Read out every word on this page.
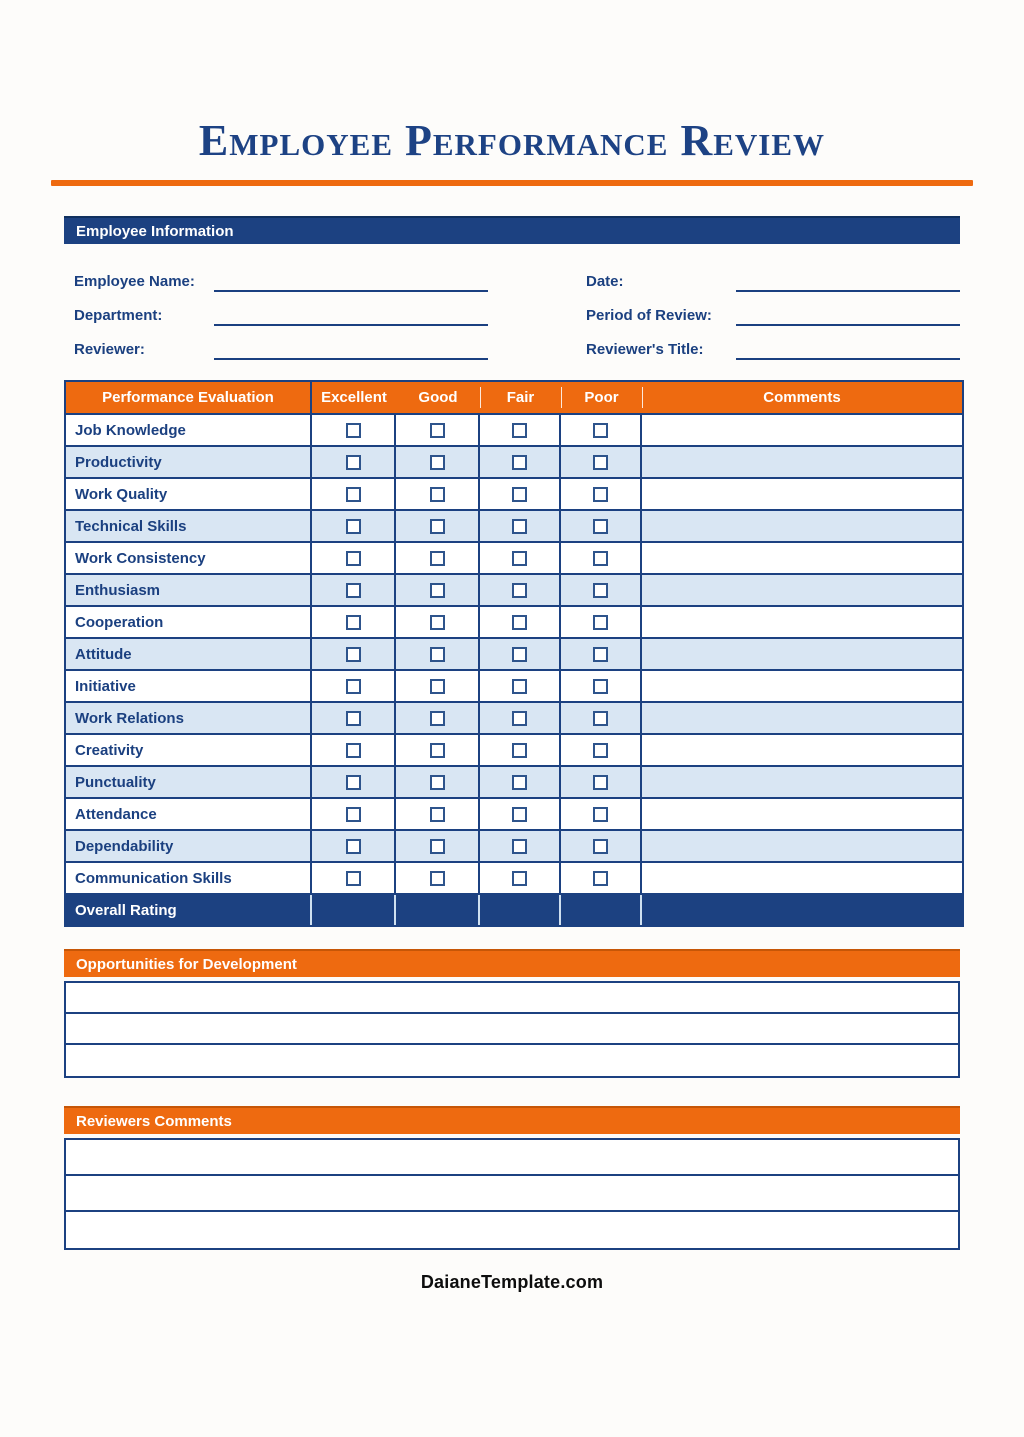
Employee Performance Review
Employee Information
Employee Name:
Department:
Reviewer:
Date:
Period of Review:
Reviewer's Title:
Performance Evaluation	Excellent	Good	Fair	Poor	Comments
Job Knowledge					
Productivity					
Work Quality					
Technical Skills					
Work Consistency					
Enthusiasm					
Cooperation					
Attitude					
Initiative					
Work Relations					
Creativity					
Punctuality					
Attendance					
Dependability					
Communication Skills					
Overall Rating					
Opportunities for Development
Reviewers Comments
DaianeTemplate.com
